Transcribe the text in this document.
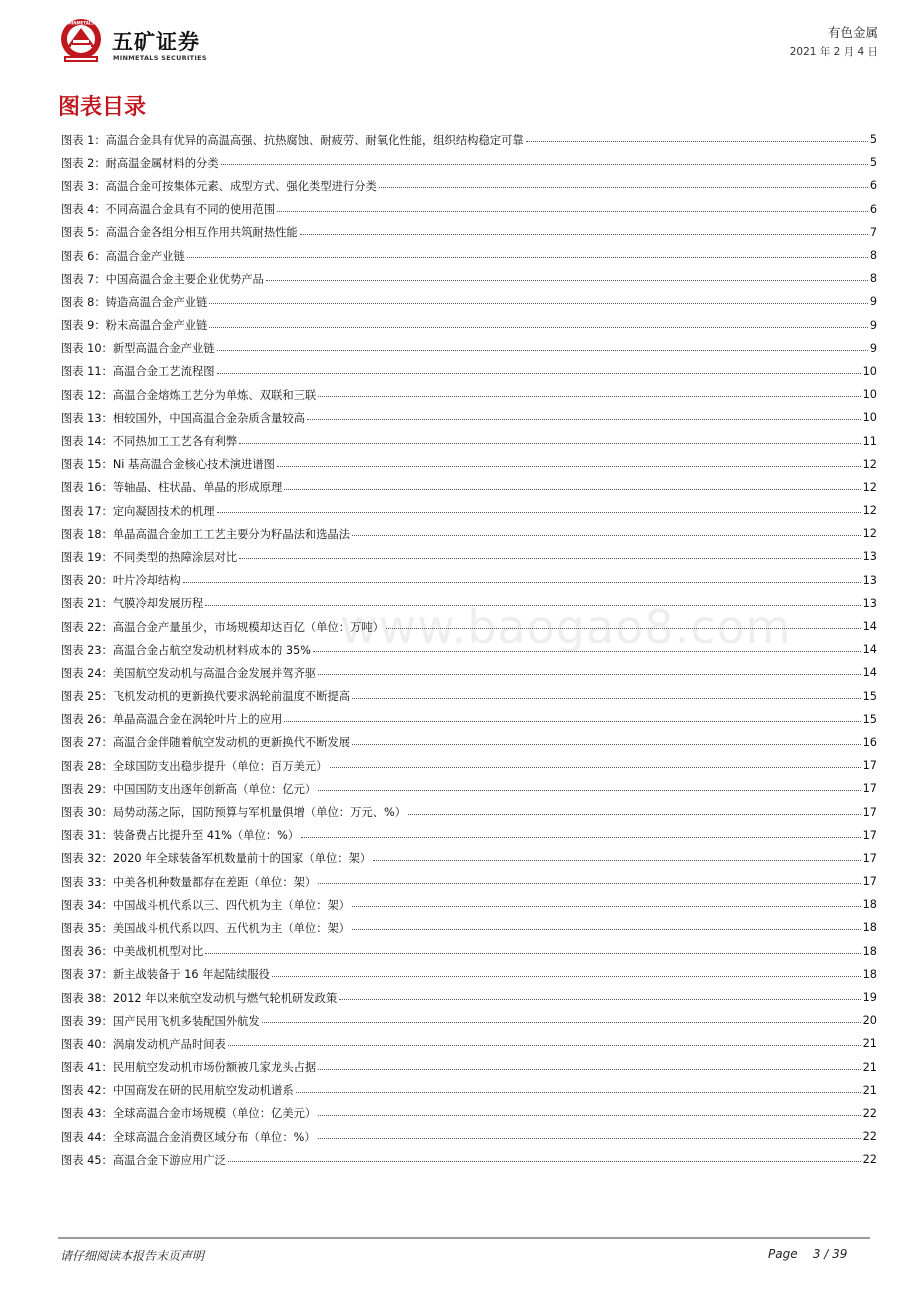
MINMETALS
五矿证券
MINMETALS SECURITIES
有色金属
2021 年 2 月 4 日
图表目录
www.baogao8.com
图表 1： 高温合金具有优异的高温高强、抗热腐蚀、耐疲劳、耐氧化性能，组织结构稳定可靠	5
图表 2： 耐高温金属材料的分类	5
图表 3： 高温合金可按集体元素、成型方式、强化类型进行分类	6
图表 4： 不同高温合金具有不同的使用范围	6
图表 5： 高温合金各组分相互作用共筑耐热性能	7
图表 6： 高温合金产业链	8
图表 7： 中国高温合金主要企业优势产品	8
图表 8： 铸造高温合金产业链	9
图表 9： 粉末高温合金产业链	9
图表 10： 新型高温合金产业链	9
图表 11： 高温合金工艺流程图	10
图表 12： 高温合金熔炼工艺分为单炼、双联和三联	10
图表 13： 相较国外，中国高温合金杂质含量较高	10
图表 14： 不同热加工工艺各有利弊	11
图表 15： Ni 基高温合金核心技术演进谱图	12
图表 16： 等轴晶、柱状晶、单晶的形成原理	12
图表 17： 定向凝固技术的机理	12
图表 18： 单晶高温合金加工工艺主要分为籽晶法和选晶法	12
图表 19： 不同类型的热障涂层对比	13
图表 20： 叶片冷却结构	13
图表 21： 气膜冷却发展历程	13
图表 22： 高温合金产量虽少，市场规模却达百亿（单位：万吨）	14
图表 23： 高温合金占航空发动机材料成本的 35%	14
图表 24： 美国航空发动机与高温合金发展并驾齐驱	14
图表 25： 飞机发动机的更新换代要求涡轮前温度不断提高	15
图表 26： 单晶高温合金在涡轮叶片上的应用	15
图表 27： 高温合金伴随着航空发动机的更新换代不断发展	16
图表 28： 全球国防支出稳步提升（单位：百万美元）	17
图表 29： 中国国防支出逐年创新高（单位：亿元）	17
图表 30： 局势动荡之际，国防预算与军机量俱增（单位：万元、%）	17
图表 31： 装备费占比提升至 41%（单位：%）	17
图表 32： 2020 年全球装备军机数量前十的国家（单位：架）	17
图表 33： 中美各机种数量都存在差距（单位：架）	17
图表 34： 中国战斗机代系以三、四代机为主（单位：架）	18
图表 35： 美国战斗机代系以四、五代机为主（单位：架）	18
图表 36： 中美战机机型对比	18
图表 37： 新主战装备于 16 年起陆续服役	18
图表 38： 2012 年以来航空发动机与燃气轮机研发政策	19
图表 39： 国产民用飞机多装配国外航发	20
图表 40： 涡扇发动机产品时间表	21
图表 41： 民用航空发动机市场份额被几家龙头占据	21
图表 42： 中国商发在研的民用航空发动机谱系	21
图表 43： 全球高温合金市场规模（单位：亿美元）	22
图表 44： 全球高温合金消费区域分布（单位：%）	22
图表 45： 高温合金下游应用广泛	22
请仔细阅读本报告末页声明	Page    3 / 39
